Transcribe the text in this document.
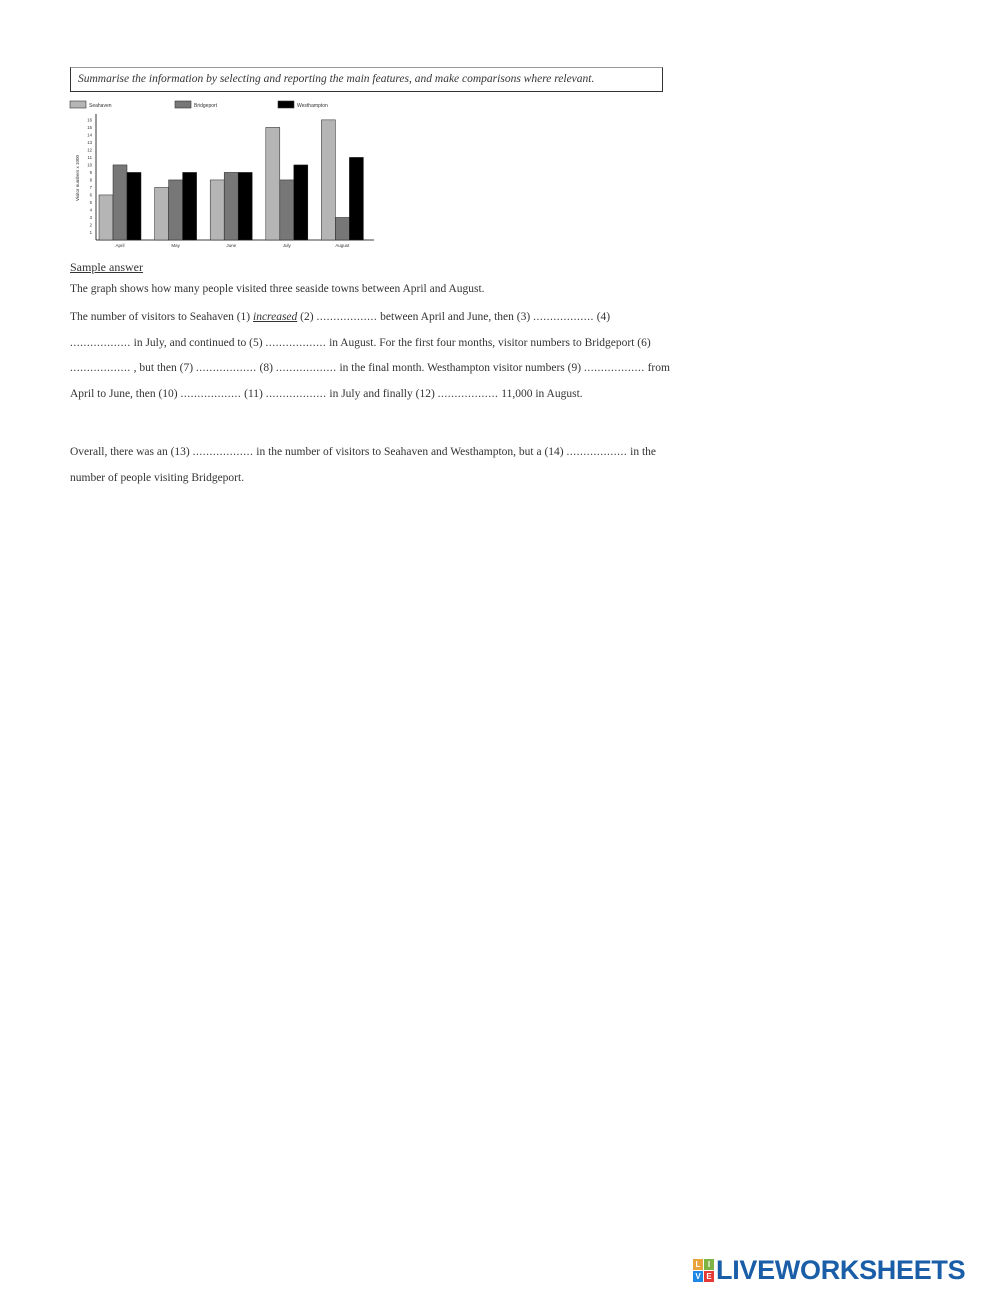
Summarise the information by selecting and reporting the main features, and make comparisons where relevant.
Seahaven	Bridgeport	Westhampton
Visitor numbers x 1000
1
2
3
4
5
6
7
8
9
10
11
12
13
14
15
16
April	May	June	July	August
Sample answer

The graph shows how many people visited three seaside towns between April and August.

The number of visitors to Seahaven (1) increased (2) .................. between April and June, then (3) .................. (4) .................. in July, and continued to (5) .................. in August. For the first four months, visitor numbers to Bridgeport (6) .................. , but then (7) .................. (8) .................. in the final month. Westhampton visitor numbers (9) .................. from April to June, then (10) .................. (11) .................. in July and finally (12) .................. 11,000 in August.

Overall, there was an (13) .................. in the number of visitors to Seahaven and Westhampton, but a (14) .................. in the number of people visiting Bridgeport.

L I
V E LIVEWORKSHEETS
